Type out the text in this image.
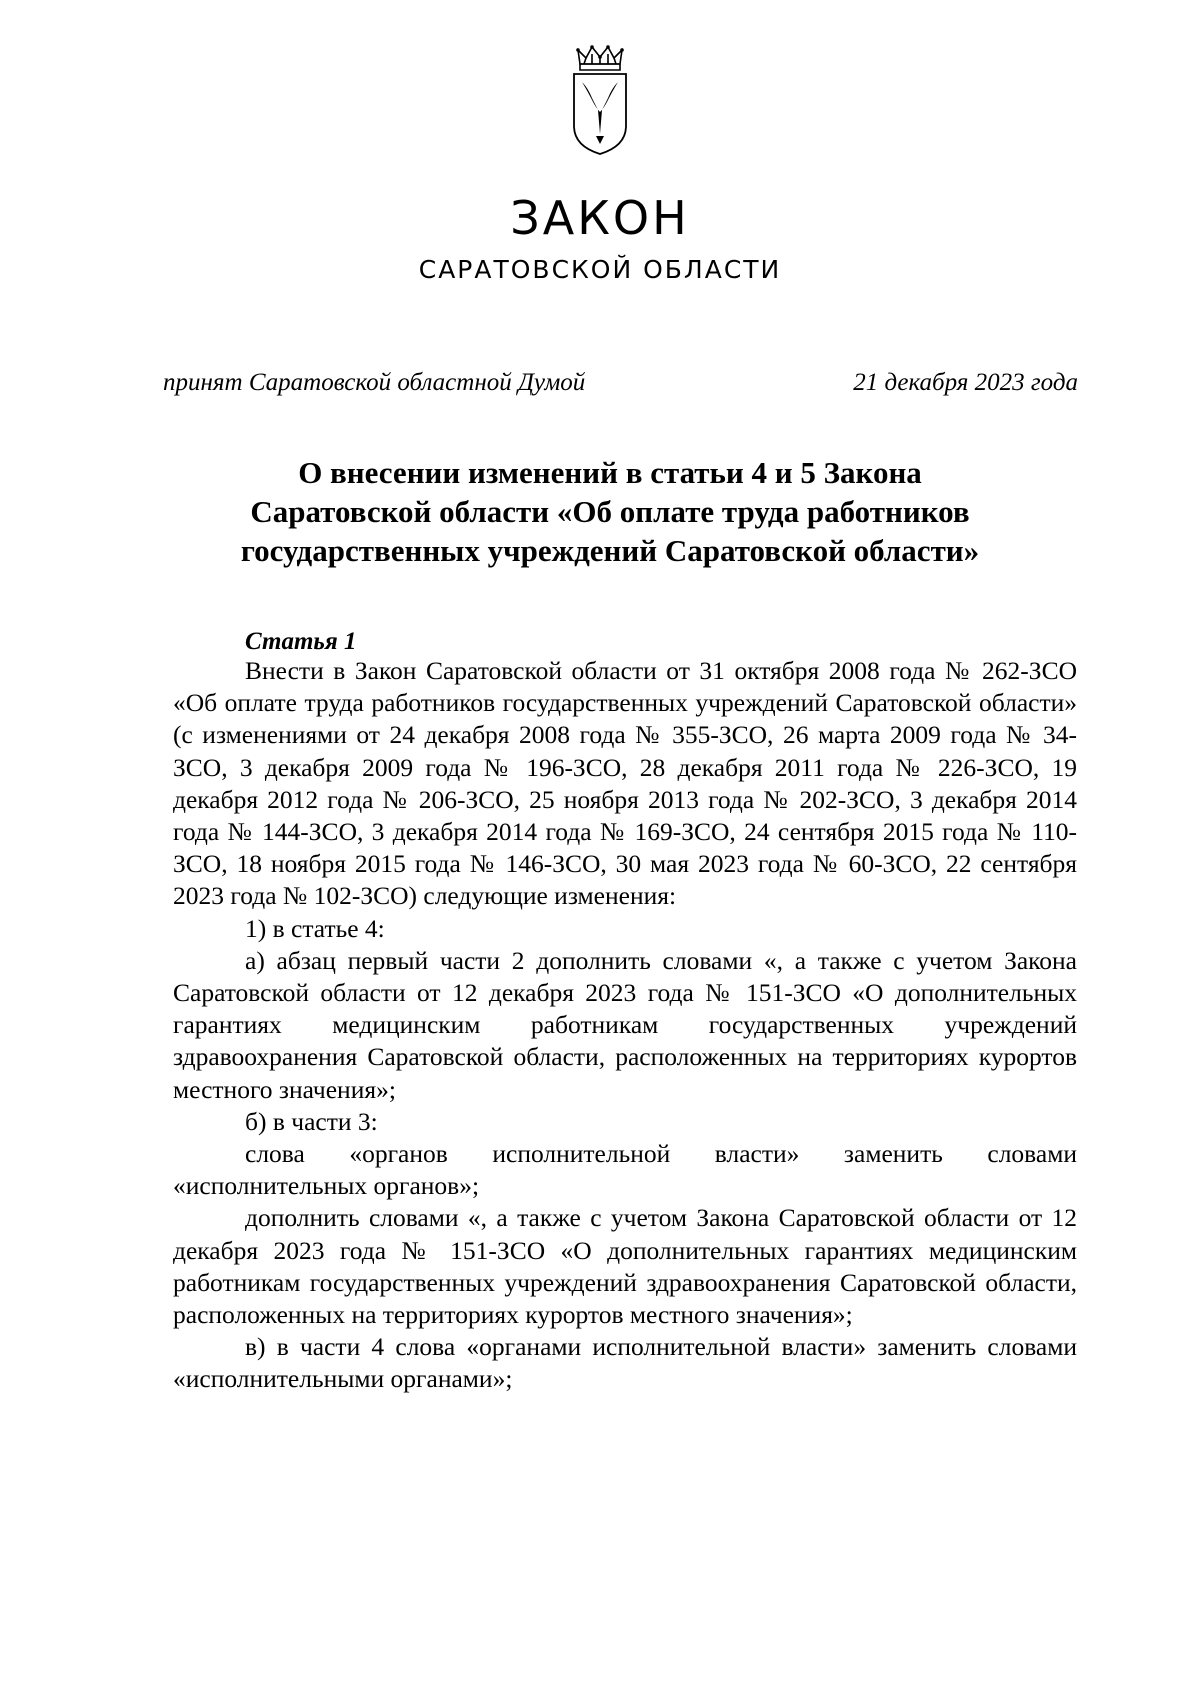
ЗАКОН
САРАТОВСКОЙ ОБЛАСТИ
принят Саратовской областной Думой	21 декабря 2023 года
О внесении изменений в статьи 4 и 5 Закона
Саратовской области «Об оплате труда работников
государственных учреждений Саратовской области»
Статья 1

Внести в Закон Саратовской области от 31 октября 2008 года № 262-ЗСО «Об оплате труда работников государственных учреждений Саратовской области» (с изменениями от 24 декабря 2008 года № 355-ЗСО, 26 марта 2009 года № 34-ЗСО, 3 декабря 2009 года № 196-ЗСО, 28 декабря 2011 года № 226-ЗСО, 19 декабря 2012 года № 206-ЗСО, 25 ноября 2013 года № 202-ЗСО, 3 декабря 2014 года № 144-ЗСО, 3 декабря 2014 года № 169-ЗСО, 24 сентября 2015 года № 110-ЗСО, 18 ноября 2015 года № 146-ЗСО, 30 мая 2023 года № 60-ЗСО, 22 сентября 2023 года № 102-ЗСО) следующие изменения:

1) в статье 4:

а) абзац первый части 2 дополнить словами «, а также с учетом Закона Саратовской области от 12 декабря 2023 года № 151-ЗСО «О дополнительных гарантиях медицинским работникам государственных учреждений здравоохранения Саратовской области, расположенных на территориях курортов местного значения»;

б) в части 3:

слова «органов исполнительной власти» заменить словами «исполнительных органов»;

дополнить словами «, а также с учетом Закона Саратовской области от 12 декабря 2023 года № 151-ЗСО «О дополнительных гарантиях медицинским работникам государственных учреждений здравоохранения Саратовской области, расположенных на территориях курортов местного значения»;

в) в части 4 слова «органами исполнительной власти» заменить словами «исполнительными органами»;
